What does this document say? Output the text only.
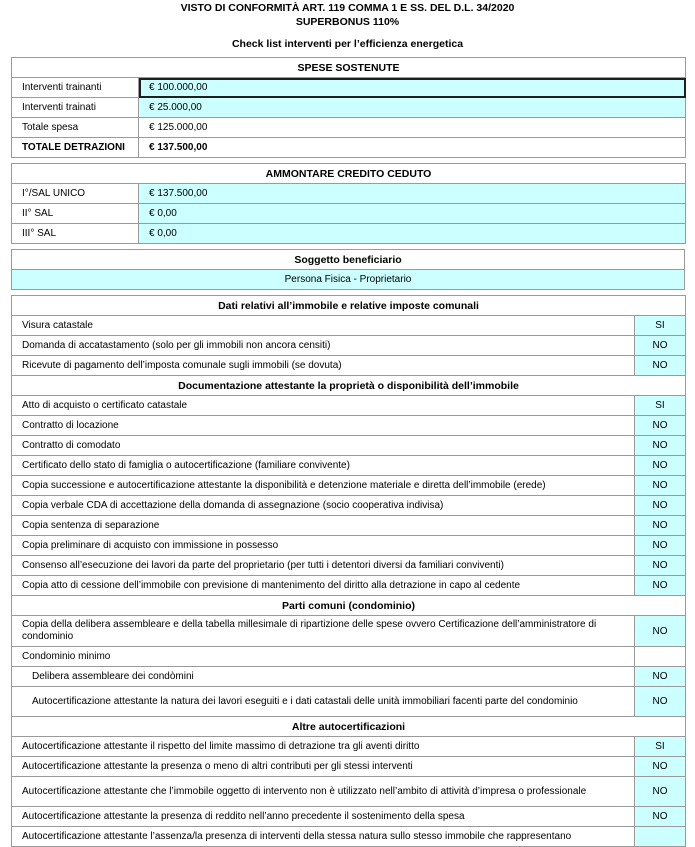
VISTO DI CONFORMITÀ ART. 119 COMMA 1 E SS. DEL D.L. 34/2020
SUPERBONUS 110%
Check list interventi per l’efficienza energetica
SPESE SOSTENUTE	
Interventi trainanti	€ 100.000,00
Interventi trainati	€ 25.000,00
Totale spesa	€ 125.000,00
TOTALE DETRAZIONI	€ 137.500,00
AMMONTARE CREDITO CEDUTO	
I°/SAL UNICO	€ 137.500,00
II° SAL	€ 0,00
III° SAL	€ 0,00
Soggetto beneficiario
Persona Fisica - Proprietario
Dati relativi all’immobile e relative imposte comunali	
Visura catastale	SI
Domanda di accatastamento (solo per gli immobili non ancora censiti)	NO
Ricevute di pagamento dell’imposta comunale sugli immobili (se dovuta)	NO
Documentazione attestante la proprietà o disponibilità dell’immobile	
Atto di acquisto o certificato catastale	SI
Contratto di locazione	NO
Contratto di comodato	NO
Certificato dello stato di famiglia o autocertificazione (familiare convivente)	NO
Copia successione e autocertificazione attestante la disponibilità e detenzione materiale e diretta dell’immobile (erede)	NO
Copia verbale CDA di accettazione della domanda di assegnazione (socio cooperativa indivisa)	NO
Copia sentenza di separazione	NO
Copia preliminare di acquisto con immissione in possesso	NO
Consenso all’esecuzione dei lavori da parte del proprietario (per tutti i detentori diversi da familiari conviventi)	NO
Copia atto di cessione dell’immobile con previsione di mantenimento del diritto alla detrazione in capo al cedente	NO
Parti comuni (condominio)	
Copia della delibera assembleare e della tabella millesimale di ripartizione delle spese ovvero Certificazione dell’amministratore di condominio	NO
Condominio minimo	
Delibera assembleare dei condòmini	NO
Autocertificazione attestante la natura dei lavori eseguiti e i dati catastali delle unità immobiliari facenti parte del condominio	NO
Altre autocertificazioni	
Autocertificazione attestante il rispetto del limite massimo di detrazione tra gli aventi diritto	SI
Autocertificazione attestante la presenza o meno di altri contributi per gli stessi interventi	NO
Autocertificazione attestante che l’immobile oggetto di intervento non è utilizzato nell’ambito di attività d’impresa o professionale	NO
Autocertificazione attestante la presenza di reddito nell’anno precedente il sostenimento della spesa	NO
Autocertificazione attestante l’assenza/la presenza di interventi della stessa natura sullo stesso immobile che rappresentano	
